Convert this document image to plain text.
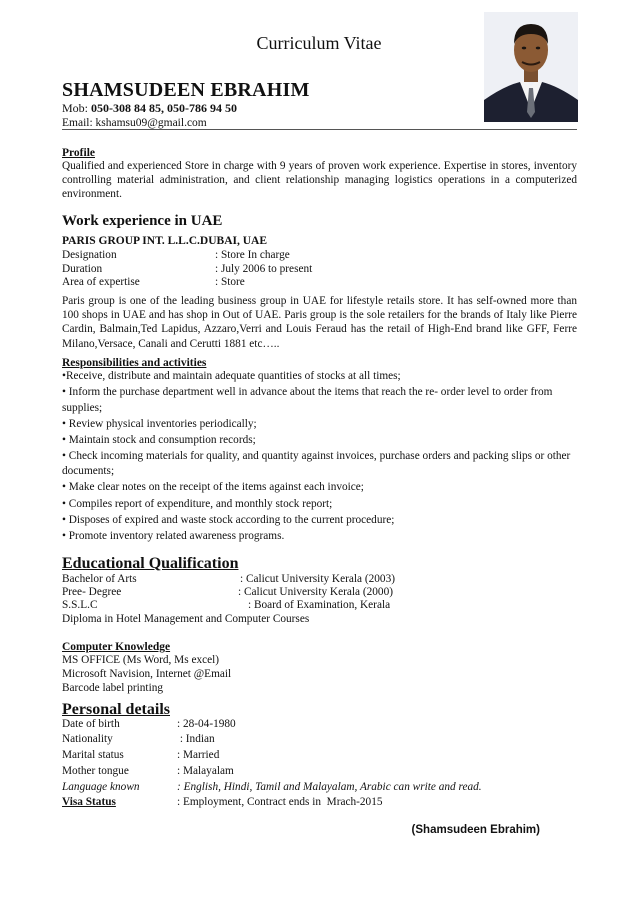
Curriculum Vitae
SHAMSUDEEN EBRAHIM
Mob: 050-308 84 85, 050-786 94 50
Email: kshamsu09@gmail.com
Profile
Qualified and experienced Store in charge with 9 years of proven work experience. Expertise in stores, inventory controlling material administration, and client relationship managing logistics operations in a computerized environment.
Work experience in UAE
PARIS GROUP INT. L.L.C.DUBAI, UAE
Designation	: Store In charge
Duration	: July 2006 to present
Area of expertise	: Store
Paris group is one of the leading business group in UAE for lifestyle retails store. It has self-owned more than 100 shops in UAE and has shop in Out of UAE. Paris group is the sole retailers for the brands of Italy like Pierre Cardin, Balmain,Ted Lapidus, Azzaro,Verri and Louis Feraud has the retail of High-End brand like GFF, Ferre Milano,Versace, Canali and Cerutti 1881 etc…..
Responsibilities and activities
•Receive, distribute and maintain adequate quantities of stocks at all times;
• Inform the purchase department well in advance about the items that reach the re- order level to order from supplies;
• Review physical inventories periodically;
• Maintain stock and consumption records;
• Check incoming materials for quality, and quantity against invoices, purchase orders and packing slips or other documents;
• Make clear notes on the receipt of the items against each invoice;
• Compiles report of expenditure, and monthly stock report;
• Disposes of expired and waste stock according to the current procedure;
• Promote inventory related awareness programs.
Educational Qualification
Bachelor of Arts	: Calicut University Kerala (2003)
Pree- Degree	: Calicut University Kerala (2000)
S.S.L.C	: Board of Examination, Kerala
Diploma in Hotel Management and Computer Courses
Computer Knowledge
MS OFFICE (Ms Word, Ms excel)
Microsoft Navision, Internet @Email
Barcode label printing
Personal details
Date of birth	: 28-04-1980
Nationality	: Indian
Marital status	: Married
Mother tongue	: Malayalam
Language known	: English, Hindi, Tamil and Malayalam, Arabic can write and read.
Visa Status	: Employment, Contract ends in  Mrach-2015
(Shamsudeen Ebrahim)
